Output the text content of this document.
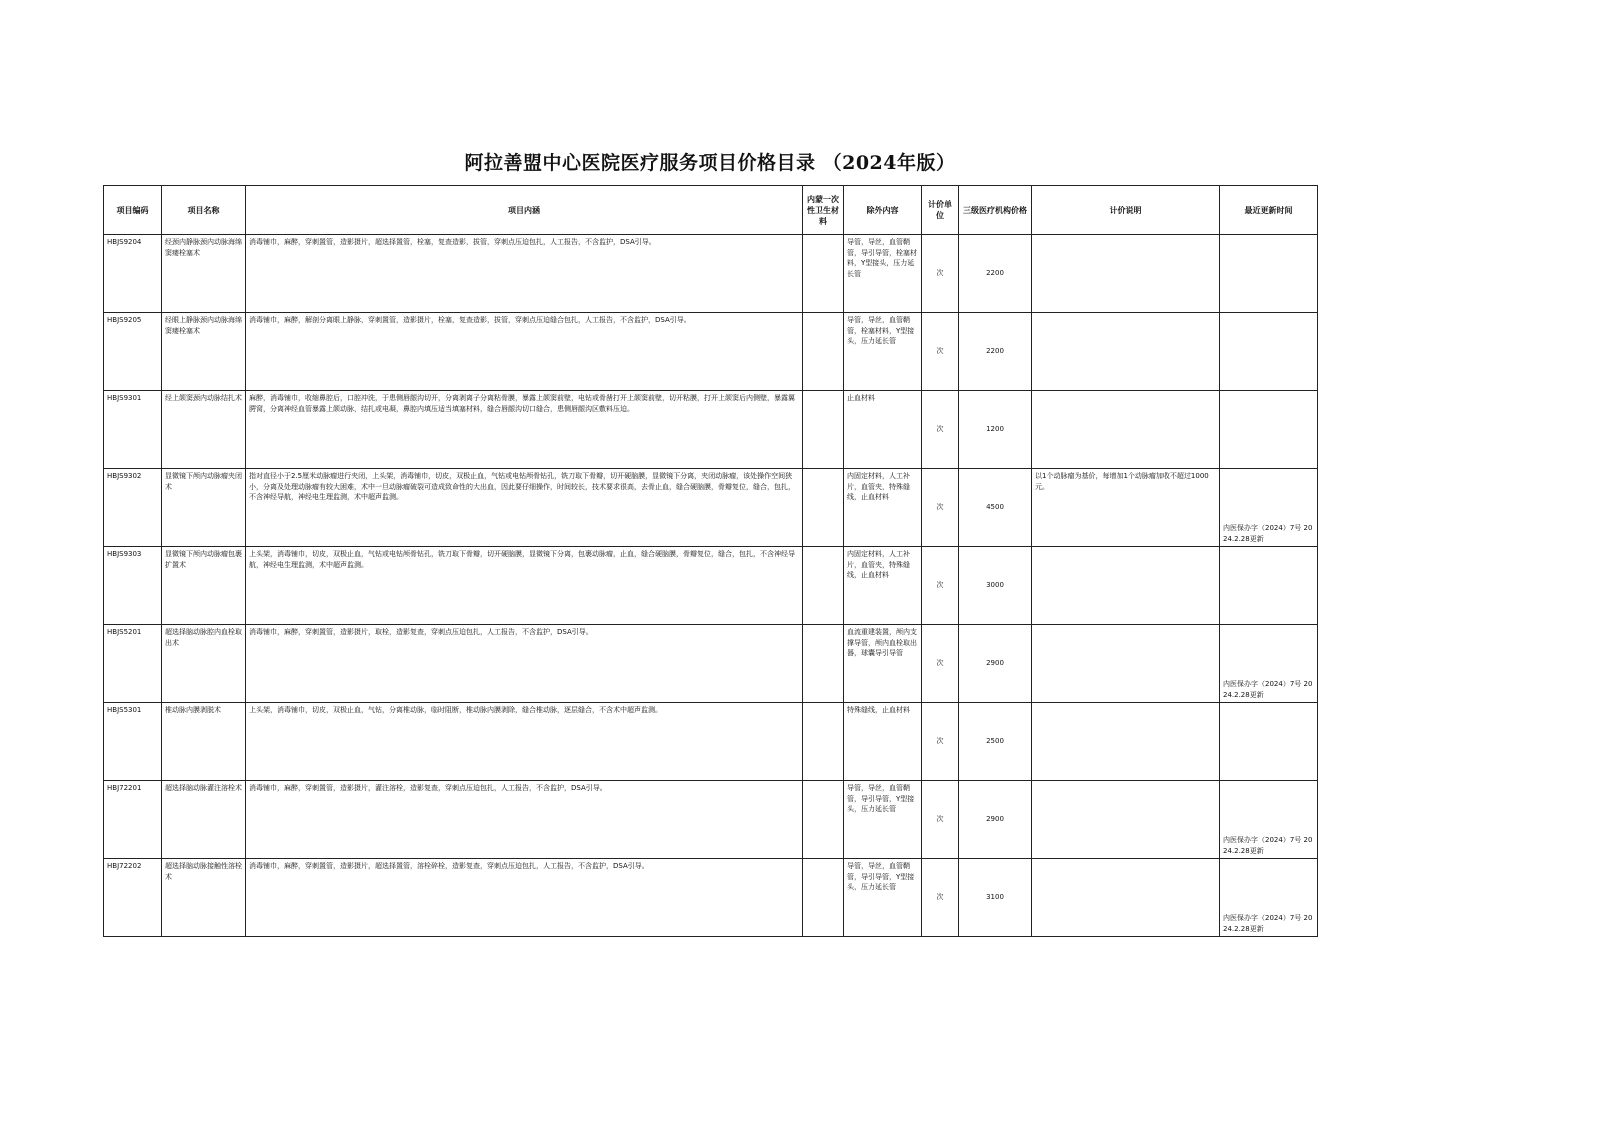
阿拉善盟中心医院医疗服务项目价格目录 （2024年版）
项目编码	项目名称	项目内涵	内蒙一次性卫生材料	除外内容	计价单位	三级医疗机构价格	计价说明	最近更新时间
HBJS9204	经颈内静脉颈内动脉海绵窦瘘栓塞术	消毒铺巾，麻醉，穿刺置管，造影摄片，超选择置管，栓塞，复查造影，拔管，穿刺点压迫包扎，人工报告，不含监护，DSA引导。		导管，导丝，血管鞘管，导引导管，栓塞材料，Y型接头，压力延长管	次	2200		
HBJS9205	经眼上静脉颈内动脉海绵窦瘘栓塞术	消毒铺巾，麻醉，解剖分离眼上静脉，穿刺置管，造影摄片，栓塞，复查造影，拔管，穿刺点压迫缝合包扎，人工报告，不含监护，DSA引导。		导管，导丝，血管鞘管，栓塞材料，Y型接头，压力延长管	次	2200		
HBJS9301	经上颌窦颈内动脉结扎术	麻醉，消毒铺巾，收缩鼻腔后，口腔冲洗，于患侧唇龈沟切开，分离剥离子分离粘骨膜，暴露上颌窦前壁，电钻或骨凿打开上颌窦前壁，切开粘膜，打开上颌窦后内侧壁，暴露翼腭窝，分离神经血管暴露上颌动脉，结扎或电凝，鼻腔内填压适当填塞材料，缝合唇龈沟切口缝合，患侧唇龈沟区敷料压迫。		止血材料	次	1200		
HBJS9302	显微镜下颅内动脉瘤夹闭术	指对直径小于2.5厘米动脉瘤进行夹闭，上头架，消毒铺巾，切皮，双极止血，气钻或电钻颅骨钻孔，铣刀取下骨瓣，切开硬脑膜，显微镜下分离，夹闭动脉瘤，该处操作空间狭小，分离及处理动脉瘤有较大困难，术中一旦动脉瘤破裂可造成致命性的大出血，因此要仔细操作，时间较长，技术要求很高，去骨止血，缝合硬脑膜，骨瓣复位，缝合，包扎，不含神经导航，神经电生理监测，术中超声监测。		内固定材料，人工补片，血管夹，特殊缝线，止血材料	次	4500	以1个动脉瘤为基价，每增加1个动脉瘤加收不超过1000元。	内医保办字（2024）7号 2024.2.28更新
HBJS9303	显微镜下颅内动脉瘤包裹扩置术	上头架，消毒铺巾，切皮，双极止血，气钻或电钻颅骨钻孔，铣刀取下骨瓣，切开硬脑膜，显微镜下分离，包裹动脉瘤，止血，缝合硬脑膜，骨瓣复位，缝合，包扎，不含神经导航，神经电生理监测，术中超声监测。		内固定材料，人工补片，血管夹，特殊缝线，止血材料	次	3000		
HBJS5201	超选择脑动脉腔内血栓取出术	消毒铺巾，麻醉，穿刺置管，造影摄片，取栓，造影复查，穿刺点压迫包扎，人工报告，不含监护，DSA引导。		血流重建装置，颅内支撑导管，颅内血栓取出器，球囊导引导管	次	2900		内医保办字（2024）7号 2024.2.28更新
HBJS5301	椎动脉内膜剥脱术	上头架，消毒铺巾，切皮，双极止血，气钻，分离椎动脉，临时阻断，椎动脉内膜剥除，缝合椎动脉，逐层缝合，不含术中超声监测。		特殊缝线，止血材料	次	2500		
HBJ72201	超选择脑动脉灌注溶栓术	消毒铺巾，麻醉，穿刺置管，造影摄片，灌注溶栓，造影复查，穿刺点压迫包扎，人工报告，不含监护，DSA引导。		导管，导丝，血管鞘管，导引导管，Y型接头，压力延长管	次	2900		内医保办字（2024）7号 2024.2.28更新
HBJ72202	超选择脑动脉接触性溶栓术	消毒铺巾，麻醉，穿刺置管，造影摄片，超选择置管，溶栓碎栓，造影复查，穿刺点压迫包扎，人工报告，不含监护，DSA引导。		导管，导丝，血管鞘管，导引导管，Y型接头，压力延长管	次	3100		内医保办字（2024）7号 2024.2.28更新
